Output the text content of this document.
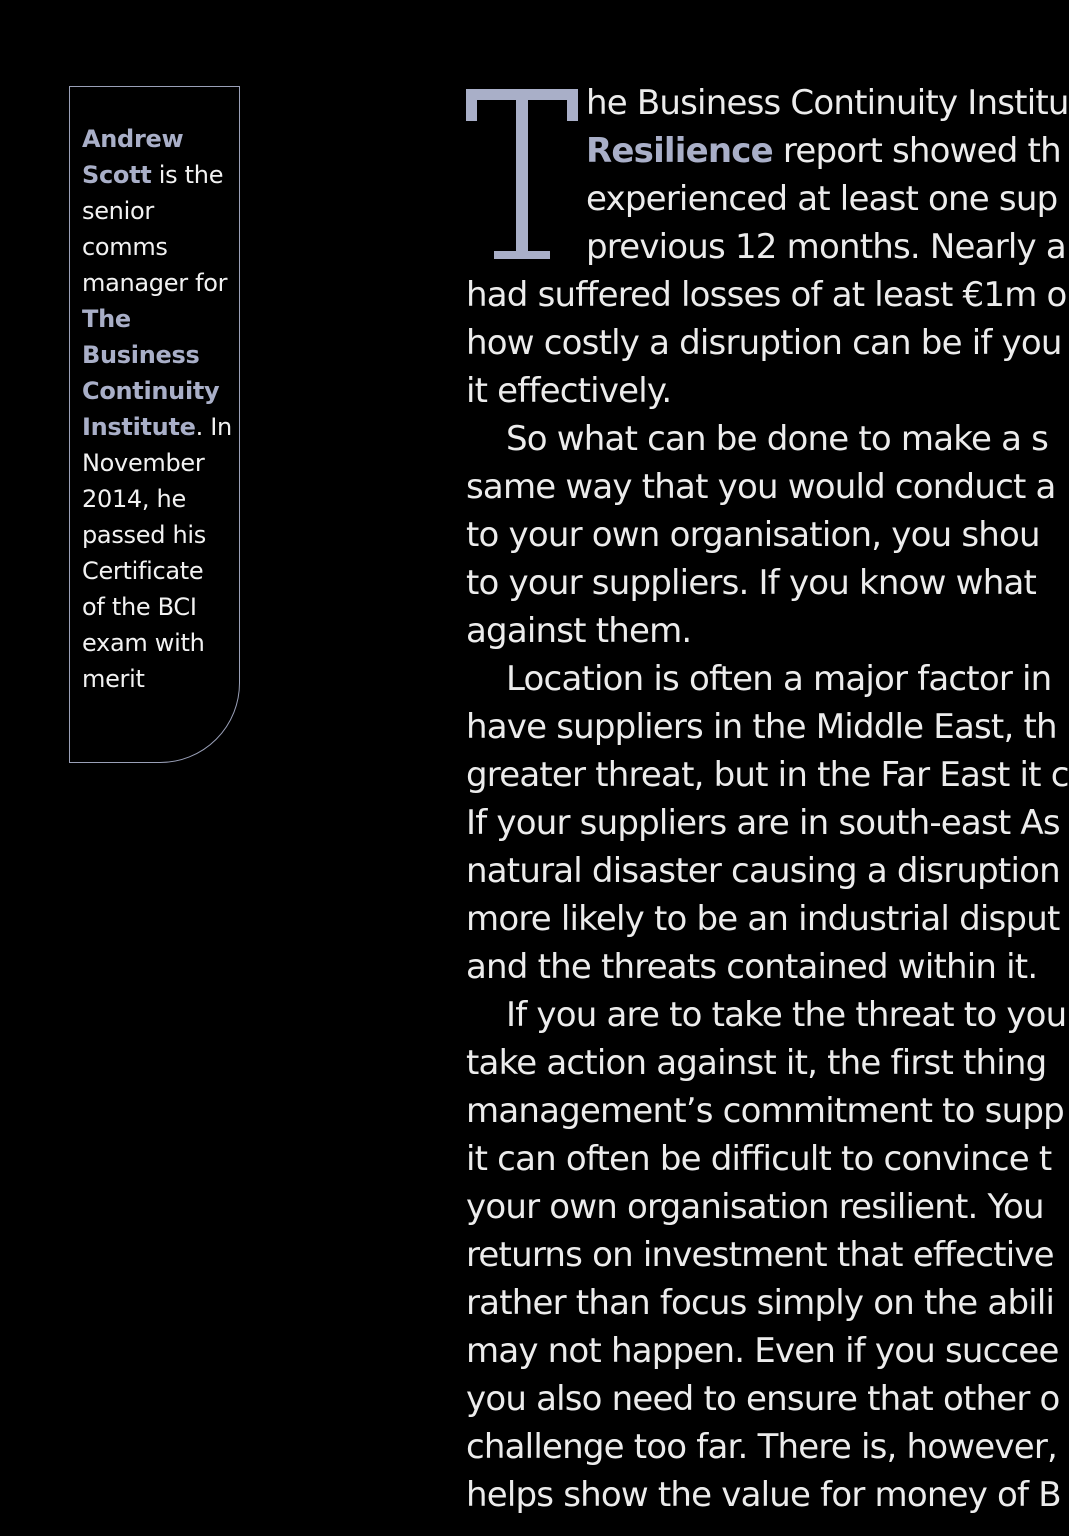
Andrew Scott is the senior comms manager for The Business Continuity Institute. In November 2014, he passed his Certificate of the BCI exam with merit
he Business Continuity Institu
Resilience report showed th
experienced at least one sup
previous 12 months. Nearly a
had suffered losses of at least €1m o
how costly a disruption can be if you
it effectively.
So what can be done to make a s
same way that you would conduct a
to your own organisation, you shou
to your suppliers. If you know what
against them.
Location is often a major factor in
have suppliers in the Middle East, th
greater threat, but in the Far East it c
If your suppliers are in south-east As
natural disaster causing a disruption
more likely to be an industrial disput
and the threats contained within it.
If you are to take the threat to you
take action against it, the first thing
management’s commitment to supp
it can often be difficult to convince t
your own organisation resilient. You
returns on investment that effective
rather than focus simply on the abili
may not happen. Even if you succee
you also need to ensure that other o
challenge too far. There is, however,
helps show the value for money of B
